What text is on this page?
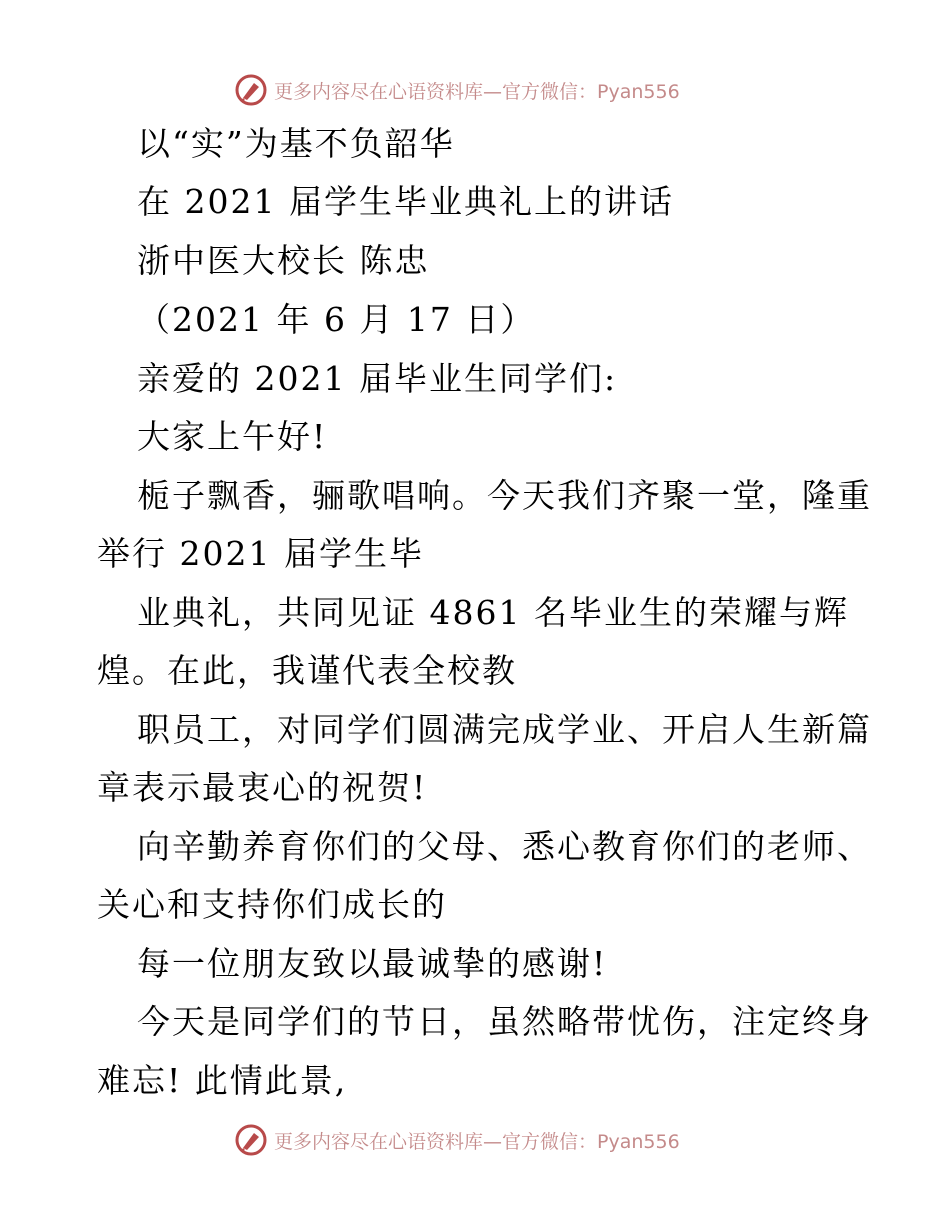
更多内容尽在心语资料库—官方微信：Pyan556
以“实”为基不负韶华
在 2021 届学生毕业典礼上的讲话
浙中医大校长 陈忠
（2021 年 6 月 17 日）
亲爱的 2021 届毕业生同学们:
大家上午好!
栀子飘香，骊歌唱响。今天我们齐聚一堂，隆重
举行 2021 届学生毕
业典礼，共同见证 4861 名毕业生的荣耀与辉
煌。在此，我谨代表全校教
职员工，对同学们圆满完成学业、开启人生新篇
章表示最衷心的祝贺!
向辛勤养育你们的父母、悉心教育你们的老师、
关心和支持你们成长的
每一位朋友致以最诚挚的感谢!
今天是同学们的节日，虽然略带忧伤，注定终身
难忘! 此情此景,
更多内容尽在心语资料库—官方微信：Pyan556
